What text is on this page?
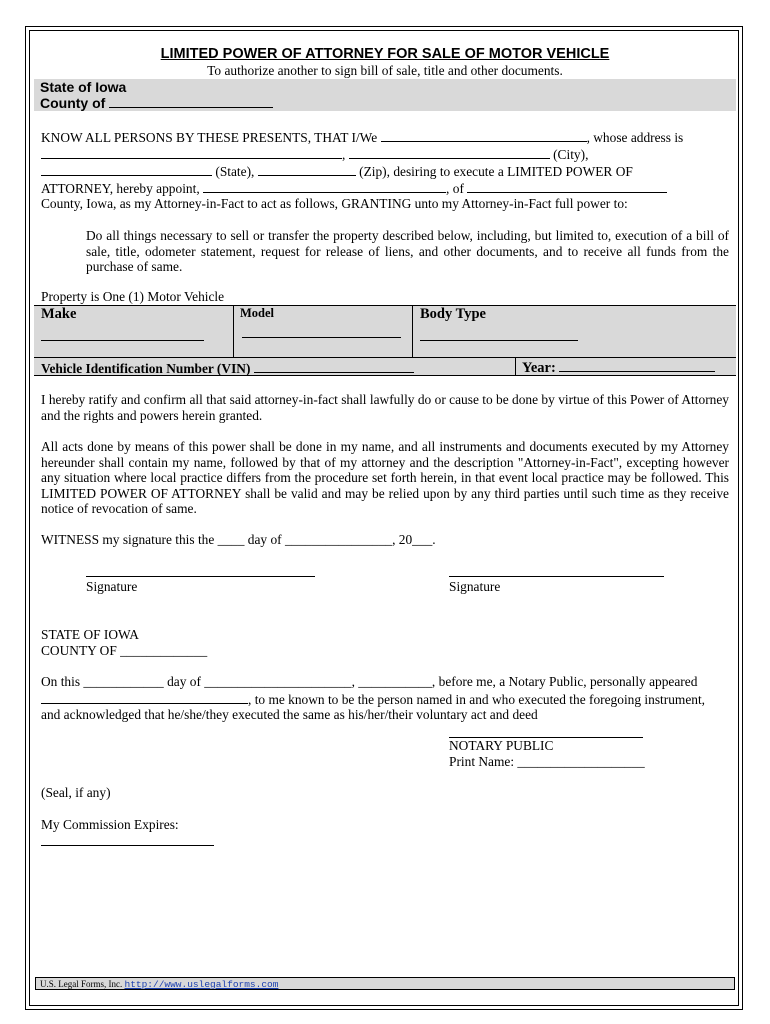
LIMITED POWER OF ATTORNEY FOR SALE OF MOTOR VEHICLE
To authorize another to sign bill of sale, title and other documents.
State of Iowa
County of
KNOW ALL PERSONS BY THESE PRESENTS, THAT I/We	, whose address is
,	(City),
(State),	(Zip), desiring to execute a LIMITED POWER OF
ATTORNEY, hereby appoint,	, of
County, Iowa, as my Attorney-in-Fact to act as follows, GRANTING unto my Attorney-in-Fact full power to:
Do all things necessary to sell or transfer the property described below, including, but limited to, execution of a bill of sale, title, odometer statement, request for release of liens, and other documents, and to receive all funds from the purchase of same.
Property is One (1) Motor Vehicle
Make	Model	Body Type
Vehicle Identification Number (VIN)	Year:
I hereby ratify and confirm all that said attorney-in-fact shall lawfully do or cause to be done by virtue of this Power of Attorney and the rights and powers herein granted.
All acts done by means of this power shall be done in my name, and all instruments and documents executed by my Attorney hereunder shall contain my name, followed by that of my attorney and the description "Attorney-in-Fact", excepting however any situation where local practice differs from the procedure set forth herein, in that event local practice may be followed. This LIMITED POWER OF ATTORNEY shall be valid and may be relied upon by any third parties until such time as they receive notice of revocation of same.
WITNESS my signature this the ____ day of ________________, 20___.
Signature	Signature
STATE OF IOWA
COUNTY OF _____________
On this ____________ day of ______________________, ___________, before me, a Notary Public, personally appeared
, to me known to be the person named in and who executed the foregoing instrument,
and acknowledged that he/she/they executed the same as his/her/their voluntary act and deed
NOTARY PUBLIC
Print Name: ___________________
(Seal, if any)
My Commission Expires:
U.S. Legal Forms, Inc. http://www.uslegalforms.com
